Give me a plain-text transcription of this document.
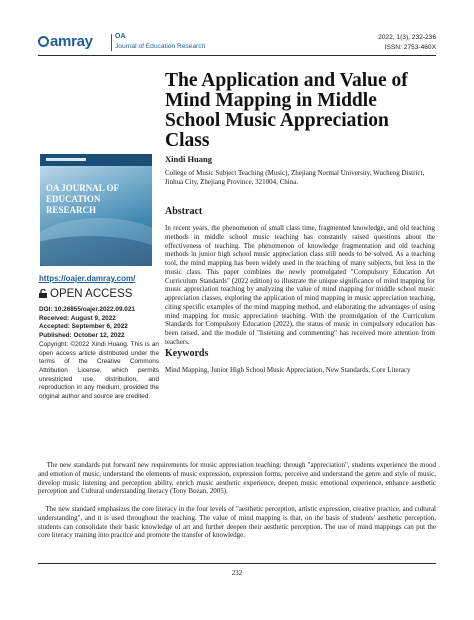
amray	OA
Journal of Education Research
2022, 1(3), 232-236
ISSN: 2753-460X
The Application and Value of Mind Mapping in Middle School Music Appreciation Class
OA JOURNAL OF EDUCATION RESEARCH
https://oajer.damray.com/
OPEN ACCESS
DOI: 10.26855/oajer.2022.09.021
Received: August 9, 2022
Accepted: September 6, 2022
Published: October 12, 2022
Copyright: ©2022 Xindi Huang. This is an open access article distributed under the terms of the Creative Commons Attribution License, which permits unrestricted use, distribution, and reproduction in any medium, provided the original author and source are credited.
Xindi Huang
College of Music Subject Teaching (Music), Zhejiang Normal University, Wucheng District, Jinhua City, Zhejiang Province, 321004, China.
Abstract
In recent years, the phenomenon of small class time, fragmented knowledge, and old teaching methods in middle school music teaching has constantly raised questions about the effectiveness of teaching. The phenomenon of knowledge fragmentation and old teaching methods in junior high school music appreciation class still needs to be solved. As a teaching tool, the mind mapping has been widely used in the teaching of many subjects, but less in the music class. This paper combines the newly promulgated "Compulsory Education Art Curriculum Standards" (2022 edition) to illustrate the unique significance of mind mapping for music appreciation teaching by analyzing the value of mind mapping for middle school music appreciation classes, exploring the application of mind mapping in music appreciation teaching, citing specific examples of the mind mapping method, and elaborating the advantages of using mind mapping for music appreciation teaching. With the promulgation of the Curriculum Standards for Compulsory Education (2022), the status of music in compulsory education has been raised, and the module of "listening and commenting" has received more attention from teachers.
Keywords
Mind Mapping, Junior High School Music Appreciation, New Standards, Core Literacy
The new standards put forward new requirements for music appreciation teaching: through "appreciation", students experience the mood and emotion of music, understand the elements of music expression, expression forms, perceive and understand the genre and style of music, develop music listening and perception ability, enrich music aesthetic experience, deepen music emotional experience, enhance aesthetic perception and Cultural understanding literacy (Tony Bozan, 2005).
The new standard emphasizes the core literacy in the four levels of "aesthetic perception, artistic expression, creative practice, and cultural understanding", and it is used throughout the teaching. The value of mind mapping is that, on the basis of students' aesthetic perception, students can consolidate their basic knowledge of art and further deepen their aesthetic perception. The use of mind mappings can put the core literacy training into practice and promote the transfer of knowledge.
232
